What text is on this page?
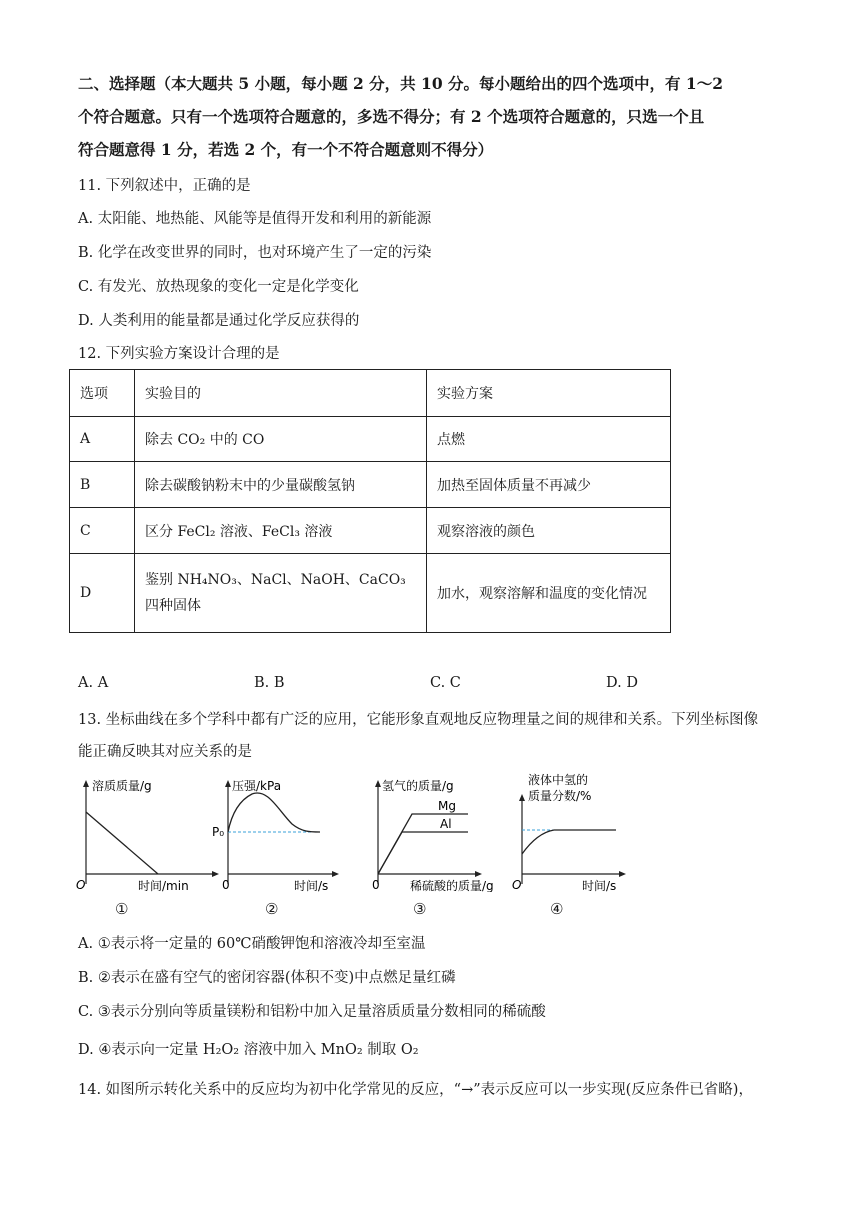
二、选择题（本大题共 5 小题，每小题 2 分，共 10 分。每小题给出的四个选项中，有 1～2
个符合题意。只有一个选项符合题意的，多选不得分；有 2 个选项符合题意的，只选一个且
符合题意得 1 分，若选 2 个，有一个不符合题意则不得分）
11. 下列叙述中，正确的是
A. 太阳能、地热能、风能等是值得开发和利用的新能源
B. 化学在改变世界的同时，也对环境产生了一定的污染
C. 有发光、放热现象的变化一定是化学变化
D. 人类利用的能量都是通过化学反应获得的
12. 下列实验方案设计合理的是
选项	实验目的	实验方案
A	除去 CO₂ 中的 CO	点燃
B	除去碳酸钠粉末中的少量碳酸氢钠	加热至固体质量不再减少
C	区分 FeCl₂ 溶液、FeCl₃ 溶液	观察溶液的颜色
D	鉴别 NH₄NO₃、NaCl、NaOH、CaCO₃ 四种固体	加水，观察溶解和温度的变化情况
A. A	B. B	C. C	D. D
13. 坐标曲线在多个学科中都有广泛的应用，它能形象直观地反应物理量之间的规律和关系。下列坐标图像
能正确反映其对应关系的是
溶质质量/g
时间/min
O
①
压强/kPa
P₀
时间/s
0
②
氢气的质量/g
Mg
Al
稀硫酸的质量/g
0
③
液体中氢的
质量分数/%
时间/s
O
④
A. ①表示将一定量的 60℃硝酸钾饱和溶液冷却至室温
B. ②表示在盛有空气的密闭容器(体积不变)中点燃足量红磷
C. ③表示分别向等质量镁粉和铝粉中加入足量溶质质量分数相同的稀硫酸
D. ④表示向一定量 H₂O₂ 溶液中加入 MnO₂ 制取 O₂
14. 如图所示转化关系中的反应均为初中化学常见的反应，“→”表示反应可以一步实现(反应条件已省略)，
